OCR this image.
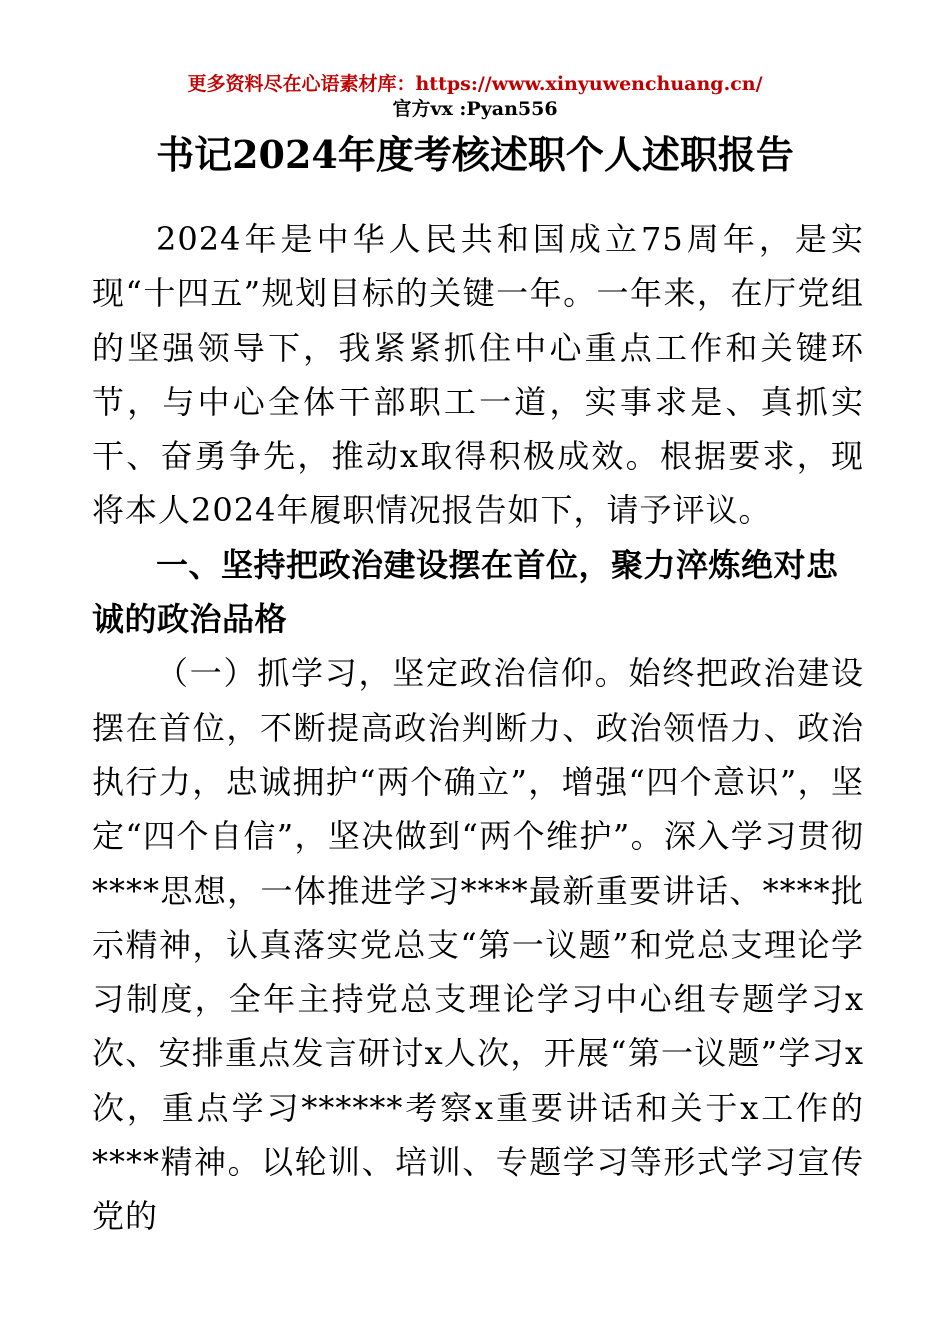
更多资料尽在心语素材库：https://www.xinyuwenchuang.cn/
官方vx :Pyan556
书记2024年度考核述职个人述职报告

2024年是中华人民共和国成立75周年，是实现“十四五”规划目标的关键一年。一年来，在厅党组的坚强领导下，我紧紧抓住中心重点工作和关键环节，与中心全体干部职工一道，实事求是、真抓实干、奋勇争先，推动x取得积极成效。根据要求，现将本人2024年履职情况报告如下，请予评议。

一、坚持把政治建设摆在首位，聚力淬炼绝对忠诚的政治品格

（一）抓学习，坚定政治信仰。始终把政治建设摆在首位，不断提高政治判断力、政治领悟力、政治执行力，忠诚拥护“两个确立”，增强“四个意识”，坚定“四个自信”，坚决做到“两个维护”。深入学习贯彻****思想，一体推进学习****最新重要讲话、****批示精神，认真落实党总支“第一议题”和党总支理论学习制度，全年主持党总支理论学习中心组专题学习x次、安排重点发言研讨x人次，开展“第一议题”学习x次，重点学习******考察x重要讲话和关于x工作的****精神。以轮训、培训、专题学习等形式学习宣传党的
